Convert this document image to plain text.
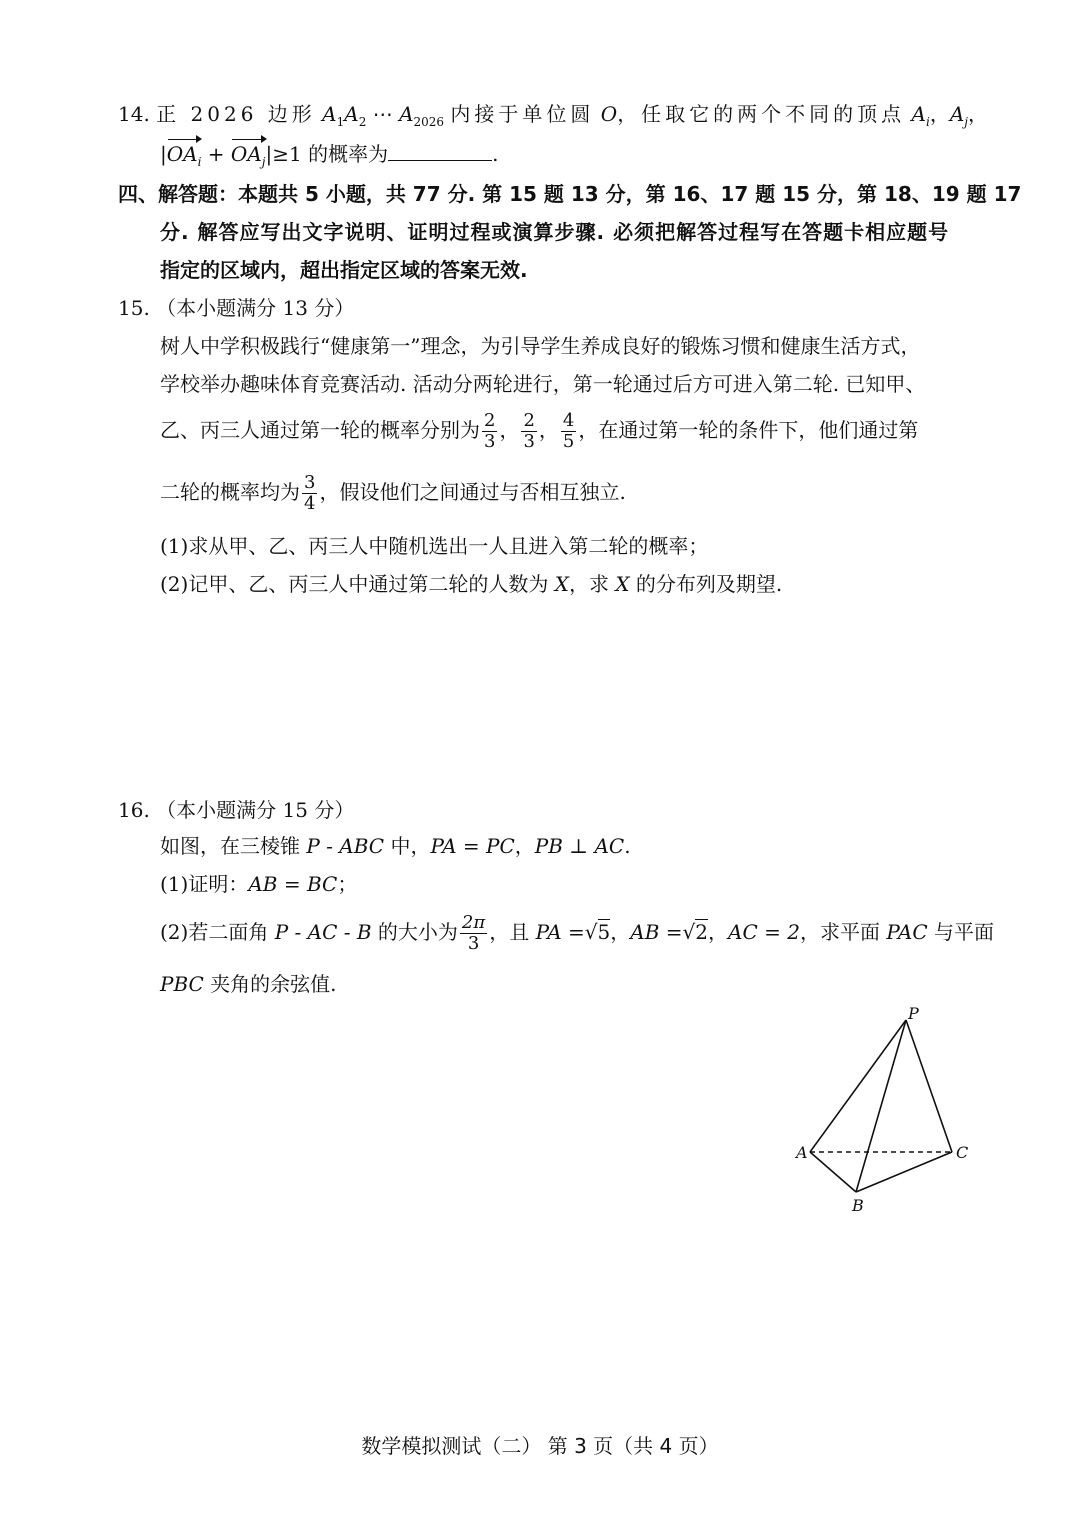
14. 正 2026 边形 $A_1A_2$ ⋯ $A_{2026}$ 内接于单位圆 O，任取它的两个不同的顶点 $A_i$，$A_j$，
$|OA_i + OA_j|\ge 1$ 的概率为	.
四、解答题：本题共 5 小题，共 77 分. 第 15 题 13 分，第 16、17 题 15 分，第 18、19 题 17
分. 解答应写出文字说明、证明过程或演算步骤. 必须把解答过程写在答题卡相应题号
指定的区域内，超出指定区域的答案无效.
15. （本小题满分 13 分）
树人中学积极践行“健康第一”理念，为引导学生养成良好的锻炼习惯和健康生活方式，
学校举办趣味体育竞赛活动. 活动分两轮进行，第一轮通过后方可进入第二轮. 已知甲、
乙、丙三人通过第一轮的概率分别为 $\frac{2}{3}$ ， $\frac{2}{3}$ ， $\frac{4}{5}$ ，在通过第一轮的条件下，他们通过第
二轮的概率均为 $\frac{3}{4}$ ，假设他们之间通过与否相互独立.
(1)求从甲、乙、丙三人中随机选出一人且进入第二轮的概率；
(2)记甲、乙、丙三人中通过第二轮的人数为 X，求 X 的分布列及期望.
16. （本小题满分 15 分）
如图，在三棱锥 P - ABC 中，PA = PC，PB ⊥ AC.
(1)证明：AB = BC；
(2)若二面角 P - AC - B 的大小为 $\frac{2\pi}{3}$ ，且 PA =√5，AB =√2，AC = 2，求平面 PAC 与平面
PBC 夹角的余弦值.
P
A
B
C
数学模拟测试（二） 第 3 页（共 4 页）
